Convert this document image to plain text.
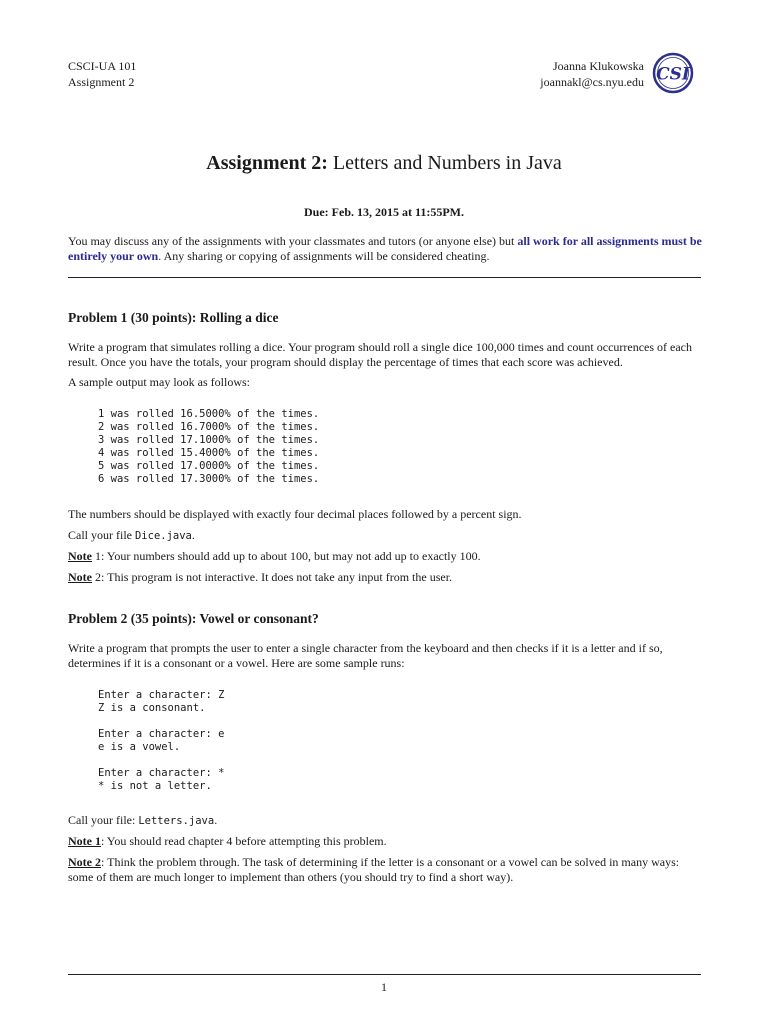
CSCI-UA 101
Assignment 2
Joanna Klukowska
joannakl@cs.nyu.edu CSI
Assignment 2: Letters and Numbers in Java
Due: Feb. 13, 2015 at 11:55PM.
You may discuss any of the assignments with your classmates and tutors (or anyone else) but all work for all assignments must be entirely your own. Any sharing or copying of assignments will be considered cheating.
Problem 1 (30 points): Rolling a dice
Write a program that simulates rolling a dice. Your program should roll a single dice 100,000 times and count occurrences of each result. Once you have the totals, your program should display the percentage of times that each score was achieved.
A sample output may look as follows:
1 was rolled 16.5000% of the times.
2 was rolled 16.7000% of the times.
3 was rolled 17.1000% of the times.
4 was rolled 15.4000% of the times.
5 was rolled 17.0000% of the times.
6 was rolled 17.3000% of the times.
The numbers should be displayed with exactly four decimal places followed by a percent sign.
Call your file Dice.java.
Note 1: Your numbers should add up to about 100, but may not add up to exactly 100.
Note 2: This program is not interactive. It does not take any input from the user.
Problem 2 (35 points): Vowel or consonant?
Write a program that prompts the user to enter a single character from the keyboard and then checks if it is a letter and if so, determines if it is a consonant or a vowel. Here are some sample runs:
Enter a character: Z
Z is a consonant.

Enter a character: e
e is a vowel.

Enter a character: *
* is not a letter.
Call your file: Letters.java.
Note 1: You should read chapter 4 before attempting this problem.
Note 2: Think the problem through. The task of determining if the letter is a consonant or a vowel can be solved in many ways: some of them are much longer to implement than others (you should try to find a short way).
1
